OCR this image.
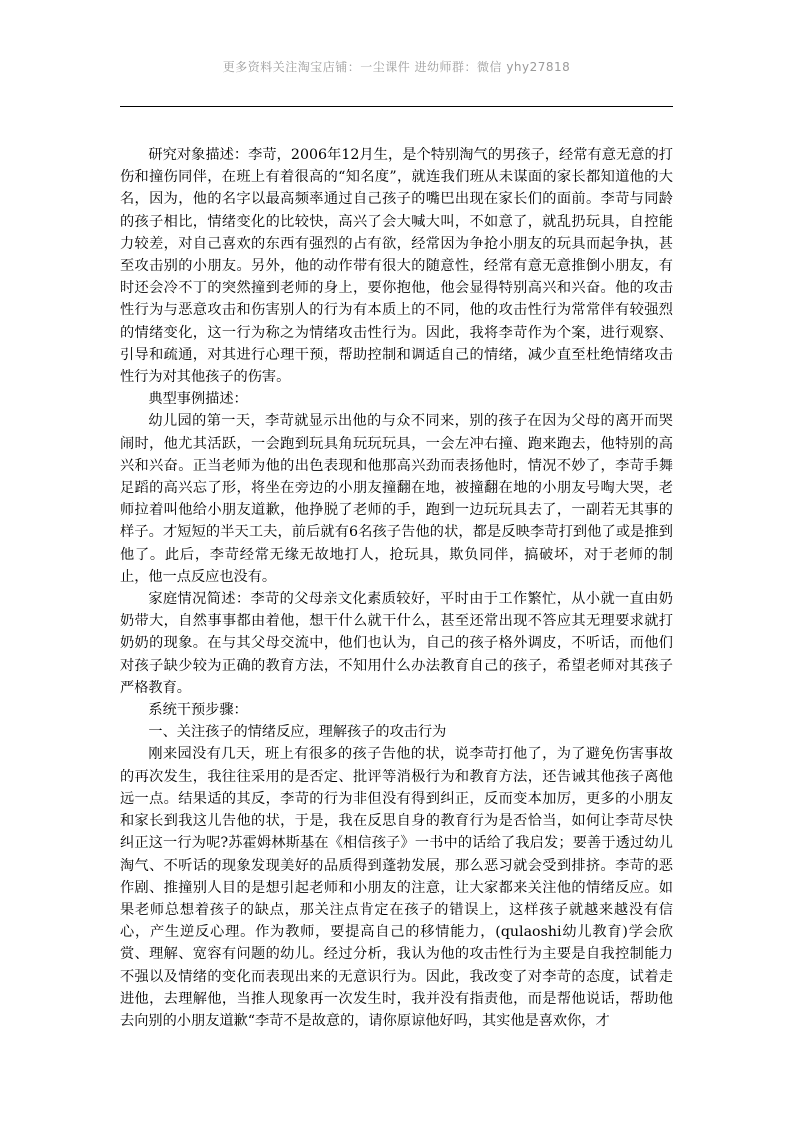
更多资料关注淘宝店铺：一尘课件 进幼师群：微信 yhy27818

研究对象描述：李苛，2006年12月生，是个特别淘气的男孩子，经常有意无意的打伤和撞伤同伴，在班上有着很高的“知名度”，就连我们班从未谋面的家长都知道他的大名，因为，他的名字以最高频率通过自己孩子的嘴巴出现在家长们的面前。李苛与同龄的孩子相比，情绪变化的比较快，高兴了会大喊大叫，不如意了，就乱扔玩具，自控能力较差，对自己喜欢的东西有强烈的占有欲，经常因为争抢小朋友的玩具而起争执，甚至攻击别的小朋友。另外，他的动作带有很大的随意性，经常有意无意推倒小朋友，有时还会冷不丁的突然撞到老师的身上，要你抱他，他会显得特别高兴和兴奋。他的攻击性行为与恶意攻击和伤害别人的行为有本质上的不同，他的攻击性行为常常伴有较强烈的情绪变化，这一行为称之为情绪攻击性行为。因此，我将李苛作为个案，进行观察、引导和疏通，对其进行心理干预，帮助控制和调适自己的情绪，减少直至杜绝情绪攻击性行为对其他孩子的伤害。

典型事例描述：

幼儿园的第一天，李苛就显示出他的与众不同来，别的孩子在因为父母的离开而哭闹时，他尤其活跃，一会跑到玩具角玩玩玩具，一会左冲右撞、跑来跑去，他特别的高兴和兴奋。正当老师为他的出色表现和他那高兴劲而表扬他时，情况不妙了，李苛手舞足蹈的高兴忘了形，将坐在旁边的小朋友撞翻在地，被撞翻在地的小朋友号啕大哭，老师拉着叫他给小朋友道歉，他挣脱了老师的手，跑到一边玩玩具去了，一副若无其事的样子。才短短的半天工夫，前后就有6名孩子告他的状，都是反映李苛打到他了或是推到他了。此后，李苛经常无缘无故地打人，抢玩具，欺负同伴，搞破坏，对于老师的制止，他一点反应也没有。

家庭情况简述：李苛的父母亲文化素质较好，平时由于工作繁忙，从小就一直由奶奶带大，自然事事都由着他，想干什么就干什么，甚至还常出现不答应其无理要求就打奶奶的现象。在与其父母交流中，他们也认为，自己的孩子格外调皮，不听话，而他们对孩子缺少较为正确的教育方法，不知用什么办法教育自己的孩子，希望老师对其孩子严格教育。

系统干预步骤：

一、关注孩子的情绪反应，理解孩子的攻击行为

刚来园没有几天，班上有很多的孩子告他的状，说李苛打他了，为了避免伤害事故的再次发生，我往往采用的是否定、批评等消极行为和教育方法，还告诫其他孩子离他远一点。结果适的其反，李苛的行为非但没有得到纠正，反而变本加厉，更多的小朋友和家长到我这儿告他的状，于是，我在反思自身的教育行为是否恰当，如何让李苛尽快纠正这一行为呢?苏霍姆林斯基在《相信孩子》一书中的话给了我启发；要善于透过幼儿淘气、不听话的现象发现美好的品质得到蓬勃发展，那么恶习就会受到排挤。李苛的恶作剧、推撞别人目的是想引起老师和小朋友的注意，让大家都来关注他的情绪反应。如果老师总想着孩子的缺点，那关注点肯定在孩子的错误上，这样孩子就越来越没有信心，产生逆反心理。作为教师，要提高自己的移情能力，(qulaoshi幼儿教育)学会欣赏、理解、宽容有问题的幼儿。经过分析，我认为他的攻击性行为主要是自我控制能力不强以及情绪的变化而表现出来的无意识行为。因此，我改变了对李苛的态度，试着走进他，去理解他，当推人现象再一次发生时，我并没有指责他，而是帮他说话，帮助他去向别的小朋友道歉“李苛不是故意的，请你原谅他好吗，其实他是喜欢你，才
